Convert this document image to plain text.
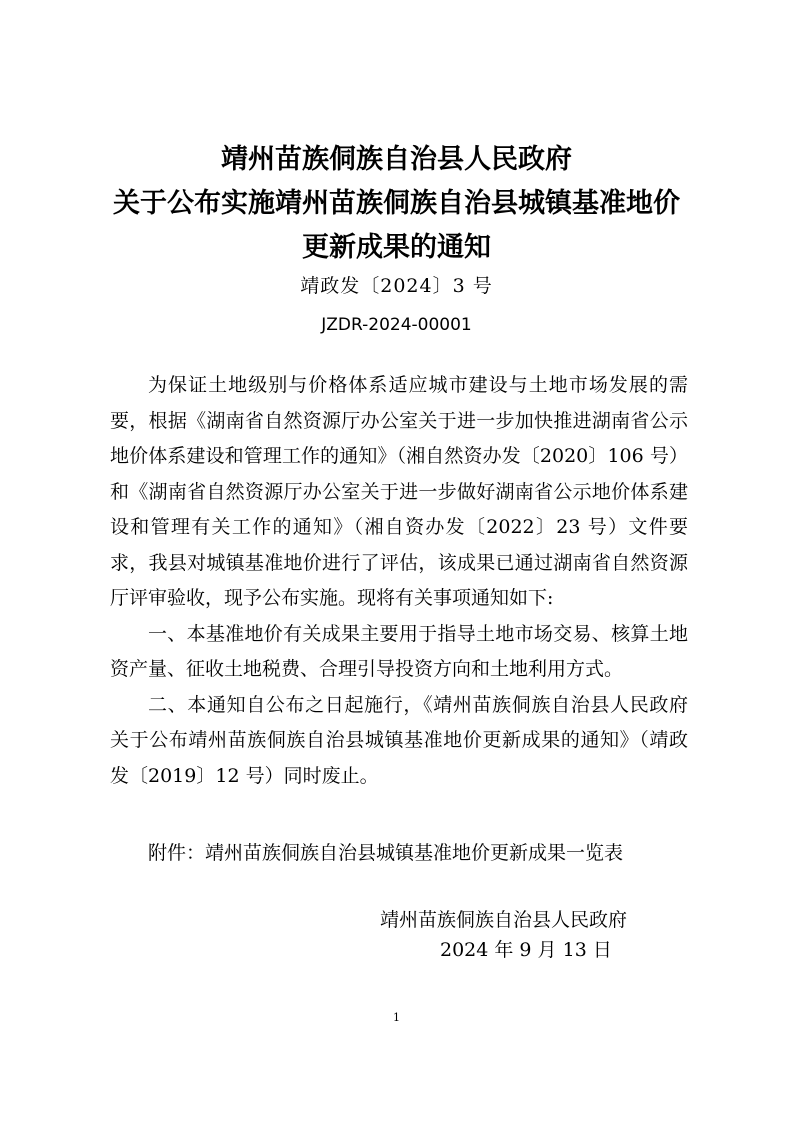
靖州苗族侗族自治县人民政府
关于公布实施靖州苗族侗族自治县城镇基准地价
更新成果的通知
靖政发〔2024〕3 号
JZDR-2024-00001

为保证土地级别与价格体系适应城市建设与土地市场发展的需要，根据《湖南省自然资源厅办公室关于进一步加快推进湖南省公示地价体系建设和管理工作的通知》（湘自然资办发〔2020〕106 号）和《湖南省自然资源厅办公室关于进一步做好湖南省公示地价体系建设和管理有关工作的通知》（湘自资办发〔2022〕23 号）文件要求，我县对城镇基准地价进行了评估，该成果已通过湖南省自然资源厅评审验收，现予公布实施。现将有关事项通知如下:

一、本基准地价有关成果主要用于指导土地市场交易、核算土地资产量、征收土地税费、合理引导投资方向和土地利用方式。

二、本通知自公布之日起施行，《靖州苗族侗族自治县人民政府关于公布靖州苗族侗族自治县城镇基准地价更新成果的通知》（靖政发〔2019〕12 号）同时废止。

附件：靖州苗族侗族自治县城镇基准地价更新成果一览表
靖州苗族侗族自治县人民政府
2024 年 9 月 13 日
1
